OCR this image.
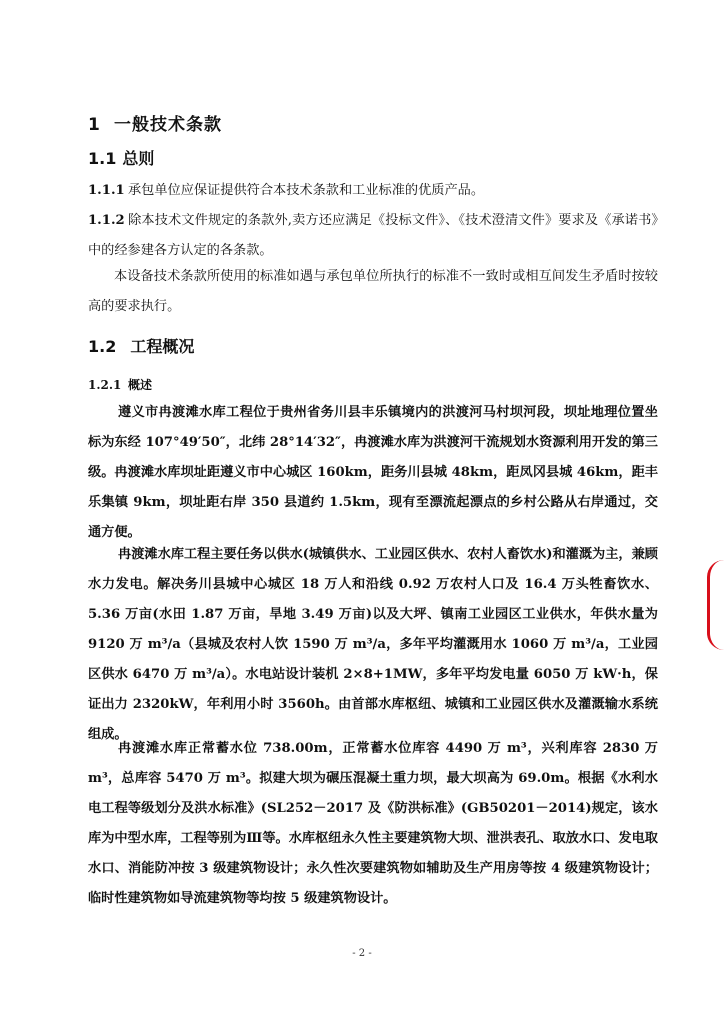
1 一般技术条款
1.1 总则
1.1.1 承包单位应保证提供符合本技术条款和工业标准的优质产品。
1.1.2 除本技术文件规定的条款外,卖方还应满足《投标文件》、《技术澄清文件》要求及《承诺书》中的经参建各方认定的各条款。
本设备技术条款所使用的标准如遇与承包单位所执行的标准不一致时或相互间发生矛盾时按较高的要求执行。
1.2 工程概况
1.2.1 概述
遵义市冉渡滩水库工程位于贵州省务川县丰乐镇境内的洪渡河马村坝河段，坝址地理位置坐标为东经 107°49′50″，北纬 28°14′32″，冉渡滩水库为洪渡河干流规划水资源利用开发的第三级。冉渡滩水库坝址距遵义市中心城区 160km，距务川县城 48km，距凤冈县城 46km，距丰乐集镇 9km，坝址距右岸 350 县道约 1.5km，现有至漂流起漂点的乡村公路从右岸通过，交通方便。
冉渡滩水库工程主要任务以供水(城镇供水、工业园区供水、农村人畜饮水)和灌溉为主，兼顾水力发电。解决务川县城中心城区 18 万人和沿线 0.92 万农村人口及 16.4 万头牲畜饮水、5.36 万亩(水田 1.87 万亩，旱地 3.49 万亩)以及大坪、镇南工业园区工业供水，年供水量为 9120 万 m³/a（县城及农村人饮 1590 万 m³/a，多年平均灌溉用水 1060 万 m³/a，工业园区供水 6470 万 m³/a）。水电站设计装机 2×8+1MW，多年平均发电量 6050 万 kW·h，保证出力 2320kW，年利用小时 3560h。由首部水库枢纽、城镇和工业园区供水及灌溉输水系统组成。
冉渡滩水库正常蓄水位 738.00m，正常蓄水位库容 4490 万 m³，兴利库容 2830 万 m³，总库容 5470 万 m³。拟建大坝为碾压混凝土重力坝，最大坝高为 69.0m。根据《水利水电工程等级划分及洪水标准》(SL252－2017 及《防洪标准》(GB50201－2014)规定，该水库为中型水库，工程等别为Ⅲ等。水库枢纽永久性主要建筑物大坝、泄洪表孔、取放水口、发电取水口、消能防冲按 3 级建筑物设计；永久性次要建筑物如辅助及生产用房等按 4 级建筑物设计；临时性建筑物如导流建筑物等均按 5 级建筑物设计。
- 2 -
